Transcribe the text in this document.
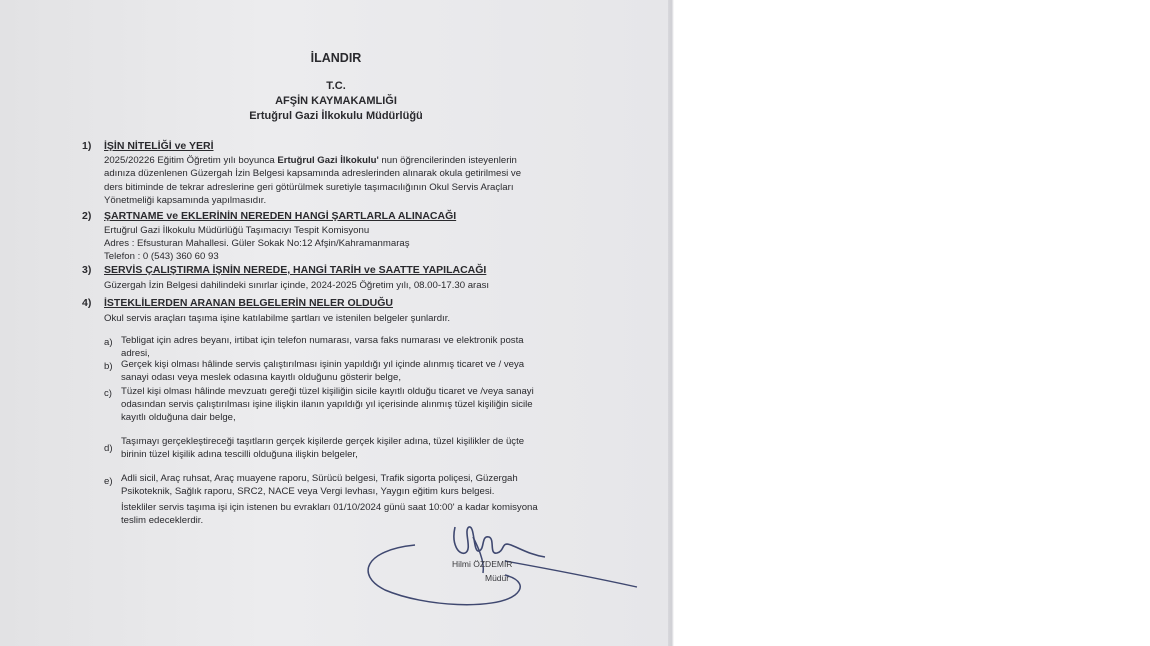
İLANDIR
T.C.
AFŞİN KAYMAKAMLIĞI
Ertuğrul Gazi İlkokulu Müdürlüğü
1) İŞİN NİTELİĞİ ve YERİ
2025/20226 Eğitim Öğretim yılı boyunca Ertuğrul Gazi İlkokulu' nun öğrencilerinden isteyenlerin
adınıza düzenlenen Güzergah İzin Belgesi kapsamında adreslerinden alınarak okula getirilmesi ve
ders bitiminde de tekrar adreslerine geri götürülmek suretiyle taşımacılığının Okul Servis Araçları
Yönetmeliği kapsamında yapılmasıdır.
2) ŞARTNAME ve EKLERİNİN NEREDEN HANGİ ŞARTLARLA ALINACAĞI
Ertuğrul Gazi İlkokulu Müdürlüğü Taşımacıyı Tespit Komisyonu
Adres : Efsusturan Mahallesi. Güler Sokak No:12 Afşin/Kahramanmaraş
Telefon : 0 (543) 360 60 93
3) SERVİS ÇALIŞTIRMA İŞNİN NEREDE, HANGİ TARİH ve SAATTE YAPILACAĞI
Güzergah İzin Belgesi dahilindeki sınırlar içinde, 2024-2025 Öğretim yılı, 08.00-17.30 arası
4) İSTEKLİLERDEN ARANAN BELGELERİN NELER OLDUĞU
Okul servis araçları taşıma işine katılabilme şartları ve istenilen belgeler şunlardır.
a) Tebligat için adres beyanı, irtibat için telefon numarası, varsa faks numarası ve elektronik posta
adresi,
b) Gerçek kişi olması hâlinde servis çalıştırılması işinin yapıldığı yıl içinde alınmış ticaret ve / veya
sanayi odası veya meslek odasına kayıtlı olduğunu gösterir belge,
c) Tüzel kişi olması hâlinde mevzuatı gereği tüzel kişiliğin sicile kayıtlı olduğu ticaret ve /veya sanayi
odasından servis çalıştırılması işine ilişkin ilanın yapıldığı yıl içerisinde alınmış tüzel kişiliğin sicile
kayıtlı olduğuna dair belge,
d)
Taşımayı gerçekleştireceği taşıtların gerçek kişilerde gerçek kişiler adına, tüzel kişilikler de üçte
birinin tüzel kişilik adına tescilli olduğuna ilişkin belgeler,
e) Adli sicil, Araç ruhsat, Araç muayene raporu, Sürücü belgesi, Trafik sigorta poliçesi, Güzergah
Psikoteknik, Sağlık raporu, SRC2, NACE veya Vergi levhası, Yaygın eğitim kurs belgesi.
İstekliler servis taşıma işi için istenen bu evrakları 01/10/2024 günü saat 10:00' a kadar komisyona
teslim edeceklerdir.
Hilmi ÖZDEMİR
Müdür
